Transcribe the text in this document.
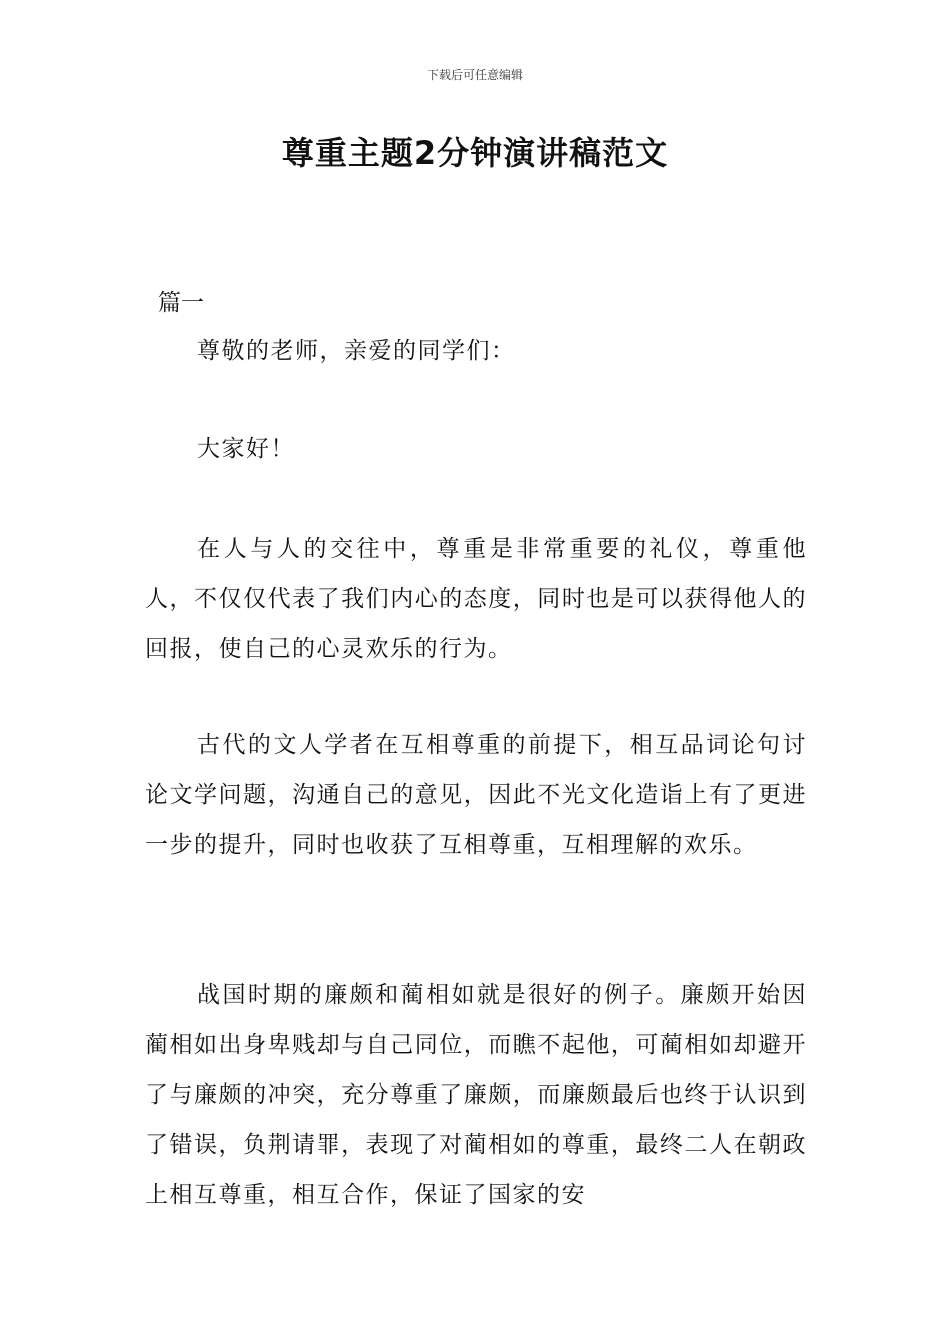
下载后可任意编辑
尊重主题2分钟演讲稿范文
篇一

尊敬的老师，亲爱的同学们：

大家好！

在人与人的交往中，尊重是非常重要的礼仪，尊重他人，不仅仅代表了我们内心的态度，同时也是可以获得他人的回报，使自己的心灵欢乐的行为。

古代的文人学者在互相尊重的前提下，相互品词论句讨论文学问题，沟通自己的意见，因此不光文化造诣上有了更进一步的提升，同时也收获了互相尊重，互相理解的欢乐。

战国时期的廉颇和蔺相如就是很好的例子。廉颇开始因蔺相如出身卑贱却与自己同位，而瞧不起他，可蔺相如却避开了与廉颇的冲突，充分尊重了廉颇，而廉颇最后也终于认识到了错误，负荆请罪，表现了对蔺相如的尊重，最终二人在朝政上相互尊重，相互合作，保证了国家的安
